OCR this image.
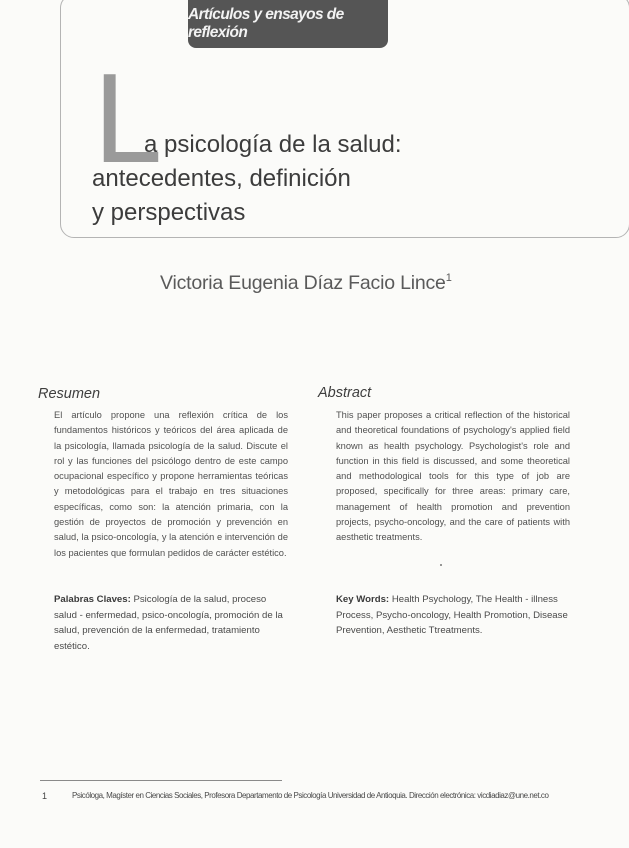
Artículos y ensayos de reflexión
L
a psicología de la salud:
antecedentes, definición
y perspectivas
Victoria Eugenia Díaz Facio Lince$^1$
Resumen

El artículo propone una reflexión crítica de los fundamentos históricos y teóricos del área aplicada de la psicología, llamada psicología de la salud. Discute el rol y las funciones del psicólogo dentro de este campo ocupacional específico y propone herramientas teóricas y metodológicas para el trabajo en tres situaciones específicas, como son: la atención primaria, con la gestión de proyectos de promoción y prevención en salud, la psico-oncología, y la atención e intervención de los pacientes que formulan pedidos de carácter estético.

Abstract

This paper proposes a critical reflection of the historical and theoretical foundations of psychology's applied field known as health psychology. Psychologist's role and function in this field is discussed, and some theoretical and methodological tools for this type of job are proposed, specifically for three areas: primary care, management of health promotion and prevention projects, psycho-oncology, and the care of patients with aesthetic treatments.

Palabras Claves: Psicología de la salud, proceso salud - enfermedad, psico-oncología, promoción de la salud, prevención de la enfermedad, tratamiento estético.

Key Words: Health Psychology, The Health - illness Process, Psycho-oncology, Health Promotion, Disease Prevention, Aesthetic Ttreatments.

1	Psicóloga, Magíster en Ciencias Sociales, Profesora Departamento de Psicología Universidad de Antioquia. Dirección electrónica: vicdiadiaz@une.net.co
